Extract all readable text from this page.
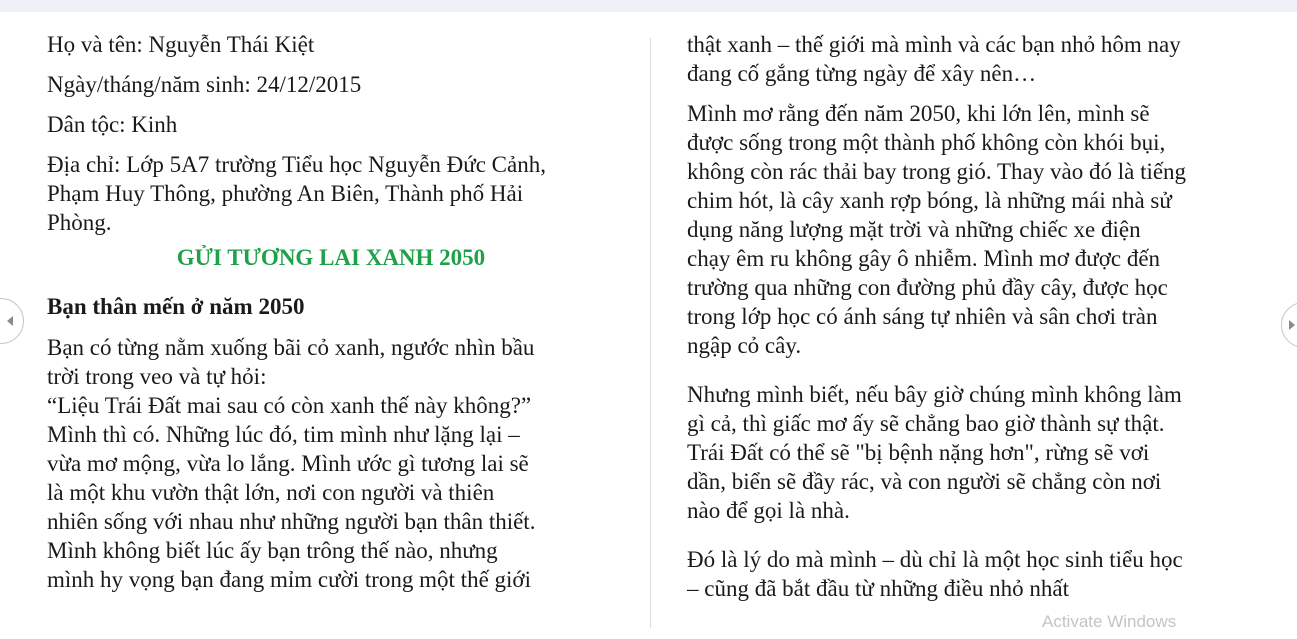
Họ và tên: Nguyễn Thái Kiệt

Ngày/tháng/năm sinh: 24/12/2015

Dân tộc: Kinh

Địa chỉ: Lớp 5A7 trường Tiểu học Nguyễn Đức Cảnh,

Phạm Huy Thông, phường An Biên, Thành phố Hải

Phòng.

GỬI TƯƠNG LAI XANH 2050

Bạn thân mến ở năm 2050

Bạn có từng nằm xuống bãi cỏ xanh, ngước nhìn bầu

trời trong veo và tự hỏi:

“Liệu Trái Đất mai sau có còn xanh thế này không?”

Mình thì có. Những lúc đó, tim mình như lặng lại –

vừa mơ mộng, vừa lo lắng. Mình ước gì tương lai sẽ

là một khu vườn thật lớn, nơi con người và thiên

nhiên sống với nhau như những người bạn thân thiết.

Mình không biết lúc ấy bạn trông thế nào, nhưng

mình hy vọng bạn đang mỉm cười trong một thế giới

thật xanh – thế giới mà mình và các bạn nhỏ hôm nay

đang cố gắng từng ngày để xây nên…

Mình mơ rằng đến năm 2050, khi lớn lên, mình sẽ

được sống trong một thành phố không còn khói bụi,

không còn rác thải bay trong gió. Thay vào đó là tiếng

chim hót, là cây xanh rợp bóng, là những mái nhà sử

dụng năng lượng mặt trời và những chiếc xe điện

chạy êm ru không gây ô nhiễm. Mình mơ được đến

trường qua những con đường phủ đầy cây, được học

trong lớp học có ánh sáng tự nhiên và sân chơi tràn

ngập cỏ cây.

Nhưng mình biết, nếu bây giờ chúng mình không làm

gì cả, thì giấc mơ ấy sẽ chẳng bao giờ thành sự thật.

Trái Đất có thể sẽ "bị bệnh nặng hơn", rừng sẽ vơi

dần, biển sẽ đầy rác, và con người sẽ chẳng còn nơi

nào để gọi là nhà.

Đó là lý do mà mình – dù chỉ là một học sinh tiểu học

– cũng đã bắt đầu từ những điều nhỏ nhất

Activate Windows
